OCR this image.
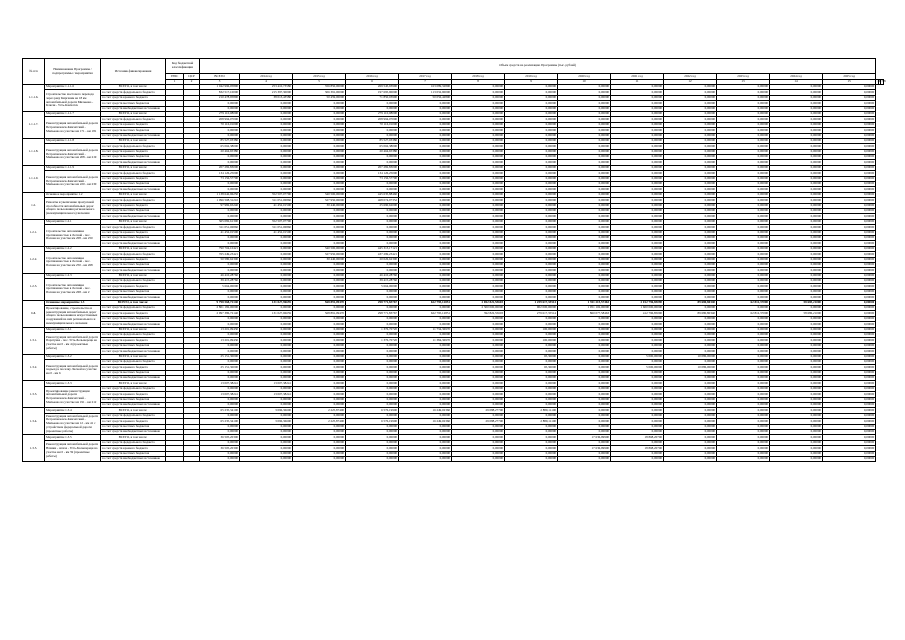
№ п/п	Наименование Программы / подпрограммы / мероприятия	Источник финансирования	Код бюджетной классификации		Объем средств на реализацию Программы (тыс. рублей)															
			ГРБС	ЦСР	ВСЕГО	2014 год	2015 год	2016 год	2017 год	2018 год	2019 год	2020 год	2021 год	2022 год	2023 год	2024 год	2025 год			
			1	2	3	4	5	6	7	8	9	10	11	12	13	14	15	16	17	18
1.1.1.6.	Мероприятие 1.1.1.6	ВСЕГО, в том числе:			1 042 996,05890	253 410,73580	356 850,00000	269 545,93990	163 089,32800	0,00000	0,00000	0,00000	0,00000	0,00000	0,00000	0,00000	0,00000			
	Строительство мостового перехода через реку Кирганик на 18 км автомобильной дороги Мильково - Ключи - Усть-Камчатск	за счет средств федерального бюджета			832 517,10000	215 397,30000	306 391,00000	197 695,90000	113 032,90000	0,00000	0,00000	0,00000	0,00000	0,00000	0,00000	0,00000	0,00000			
		за счет средств краевого бюджета			210 478,95890	38 013,43580	50 459,00000	71 850,03990	50 056,42800	0,00000	0,00000	0,00000	0,00000	0,00000	0,00000	0,00000	0,00000			
		за счет средств местных бюджетов			0,00000	0,00000	0,00000	0,00000	0,00000	0,00000	0,00000	0,00000	0,00000	0,00000	0,00000	0,00000	0,00000			
		за счет средств внебюджетных источников			0,00000	0,00000	0,00000	0,00000	0,00000	0,00000	0,00000	0,00000	0,00000	0,00000	0,00000	0,00000	0,00000			
1.1.1.7.	Мероприятие 1.1.1.7	ВСЕГО, в том числе:			279 110,08000	0,00000	0,00000	279 110,08000	0,00000	0,00000	0,00000	0,00000	0,00000	0,00000	0,00000	0,00000	0,00000			
	Реконструкция автомобильной дороги Петропавловск-Камчатский - Мильково на участке км 171 - км 181	за счет средств федерального бюджета			208 994,07000	0,00000	0,00000	208 994,07000	0,00000	0,00000	0,00000	0,00000	0,00000	0,00000	0,00000	0,00000	0,00000			
		за счет средств краевого бюджета			70 116,01000	0,00000	0,00000	70 116,01000	0,00000	0,00000	0,00000	0,00000	0,00000	0,00000	0,00000	0,00000	0,00000			
		за счет средств местных бюджетов			0,00000	0,00000	0,00000	0,00000	0,00000	0,00000	0,00000	0,00000	0,00000	0,00000	0,00000	0,00000	0,00000			
		за счет средств внебюджетных источников			0,00000	0,00000	0,00000	0,00000	0,00000	0,00000	0,00000	0,00000	0,00000	0,00000	0,00000	0,00000	0,00000			
1.1.1.8.	Мероприятие 1.1.1.8	ВСЕГО, в том числе:			85 527,03380	0,00000	0,00000	85 527,03380	0,00000	0,00000	0,00000	0,00000	0,00000	0,00000	0,00000	0,00000	0,00000			
	Реконструкция автомобильной дороги Петропавловск-Камчатский - Мильково на участке км 208 - км 219	за счет средств федерального бюджета			65 062,38000	0,00000	0,00000	65 062,38000	0,00000	0,00000	0,00000	0,00000	0,00000	0,00000	0,00000	0,00000	0,00000			
		за счет средств краевого бюджета			20 464,65380	0,00000	0,00000	20 464,65380	0,00000	0,00000	0,00000	0,00000	0,00000	0,00000	0,00000	0,00000	0,00000			
		за счет средств местных бюджетов			0,00000	0,00000	0,00000	0,00000	0,00000	0,00000	0,00000	0,00000	0,00000	0,00000	0,00000	0,00000	0,00000			
		за счет средств внебюджетных источников			0,00000	0,00000	0,00000	0,00000	0,00000	0,00000	0,00000	0,00000	0,00000	0,00000	0,00000	0,00000	0,00000			
1.1.1.9.	Мероприятие 1.1.1.9	ВСЕГО, в том числе:			207 282,83000	0,00000	0,00000	207 282,83000	0,00000	0,00000	0,00000	0,00000	0,00000	0,00000	0,00000	0,00000	0,00000			
	Реконструкция автомобильной дороги Петропавловск-Камчатский - Мильково на участке км 220 - км 230	за счет средств федерального бюджета			134 126,25000	0,00000	0,00000	134 126,25000	0,00000	0,00000	0,00000	0,00000	0,00000	0,00000	0,00000	0,00000	0,00000			
		за счет средств краевого бюджета			73 156,57700	0,00000	0,00000	73 156,57700	0,00000	0,00000	0,00000	0,00000	0,00000	0,00000	0,00000	0,00000	0,00000			
		за счет средств местных бюджетов			0,00000	0,00000	0,00000	0,00000	0,00000	0,00000	0,00000	0,00000	0,00000	0,00000	0,00000	0,00000	0,00000			
		за счет средств внебюджетных источников			0,00000	0,00000	0,00000	0,00000	0,00000	0,00000	0,00000	0,00000	0,00000	0,00000	0,00000	0,00000	0,00000			
1.2.	Основное мероприятие 1.2	ВСЕГО, в том числе:			1 138 642,96250	352 507,07790	340 500,00000	445 635,88460	0,00000	0,00000	0,00000	0,00000	0,00000	0,00000	0,00000	0,00000	0,00000			
	Ремонты и увеличение пропускной способности автомобильных дорог общего пользования регионального (межмуниципального) значения	за счет средств федерального бюджета			1 096 508,31210	311 051,06860	327 950,00000	468 074,97352	0,00000	0,00000	0,00000	0,00000	0,00000	0,00000	0,00000	0,00000	0,00000			
		за счет средств краевого бюджета			97 982,65240	41 452,01500	30 440,00000	25 690,62000	0,00000	0,00000	0,00000	0,00000	0,00000	0,00000	0,00000	0,00000	0,00000			
		за счет средств местных бюджетов			0,00000	0,00000	0,00000	0,00000	0,00000	0,00000	0,00000	0,00000	0,00000	0,00000	0,00000	0,00000	0,00000			
		за счет средств внебюджетных источников			0,00000	0,00000	0,00000	0,00000	0,00000	0,00000	0,00000	0,00000	0,00000	0,00000	0,00000	0,00000	0,00000			
1.2.1.	Мероприятие 1.2.1	ВСЕГО, в том числе:			365 082,61300	352 507,07790	0,00000	0,00000	0,00000	0,00000	0,00000	0,00000	0,00000	0,00000	0,00000	0,00000	0,00000			
	Строительство автозимника протяженностью в Лесной - пос. Палана на участке км 208 - км 250	за счет средств федерального бюджета			311 051,06860	311 051,06860	0,00000	0,00000	0,00000	0,00000	0,00000	0,00000	0,00000	0,00000	0,00000	0,00000	0,00000			
		за счет средств краевого бюджета			41 452,01500	41 452,01500	0,00000	0,00000	0,00000	0,00000	0,00000	0,00000	0,00000	0,00000	0,00000	0,00000	0,00000			
		за счет средств местных бюджетов			0,00000	0,00000	0,00000	0,00000	0,00000	0,00000	0,00000	0,00000	0,00000	0,00000	0,00000	0,00000	0,00000			
		за счет средств внебюджетных источников			0,00000	0,00000	0,00000	0,00000	0,00000	0,00000	0,00000	0,00000	0,00000	0,00000	0,00000	0,00000	0,00000			
1.2.2.	Мероприятие 1.2.2	ВСЕГО, в том числе:			790 704,10421	0,00000	340 500,00000	445 313,17121	0,00000	0,00000	0,00000	0,00000	0,00000	0,00000	0,00000	0,00000	0,00000			
	Строительство автозимника протяженностью в Лесной - пос. Палана на участке км 250 - км 268	за счет средств федерального бюджета			765 249,23421	0,00000	327 950,00000	437 299,23421	0,00000	0,00000	0,00000	0,00000	0,00000	0,00000	0,00000	0,00000	0,00000			
		за счет средств краевого бюджета			50 580,62300	0,00000	30 440,00000	20 026,62300	0,00000	0,00000	0,00000	0,00000	0,00000	0,00000	0,00000	0,00000	0,00000			
		за счет средств местных бюджетов			0,00000	0,00000	0,00000	0,00000	0,00000	0,00000	0,00000	0,00000	0,00000	0,00000	0,00000	0,00000	0,00000			
		за счет средств внебюджетных источников			0,00000	0,00000	0,00000	0,00000	0,00000	0,00000	0,00000	0,00000	0,00000	0,00000	0,00000	0,00000	0,00000			
1.2.3.	Мероприятие 1.2.3	ВСЕГО, в том числе:			46 410,28760	0,00000	0,00000	46 410,28760	0,00000	0,00000	0,00000	0,00000	0,00000	0,00000	0,00000	0,00000	0,00000			
	Строительство автозимника протяженностью в Лесной - пос. Палана на участке км 268 - км 2	за счет средств федерального бюджета			39 415,28760	0,00000	0,00000	39 415,28760	0,00000	0,00000	0,00000	0,00000	0,00000	0,00000	0,00000	0,00000	0,00000			
		за счет средств краевого бюджета			5 664,00000	0,00000	0,00000	5 664,00000	0,00000	0,00000	0,00000	0,00000	0,00000	0,00000	0,00000	0,00000	0,00000			
		за счет средств местных бюджетов			0,00000	0,00000	0,00000	0,00000	0,00000	0,00000	0,00000	0,00000	0,00000	0,00000	0,00000	0,00000	0,00000			
		за счет средств внебюджетных источников			0,00000	0,00000	0,00000	0,00000	0,00000	0,00000	0,00000	0,00000	0,00000	0,00000	0,00000	0,00000	0,00000			
1.3.	Основное мероприятие 1.3	ВСЕГО, в том числе:			9 798 568,72140	131 027,96659	568 891,09470	298 771,83767	622 795,12851	2 692 822,55603	1 259 617,35514	1 911 215,57463	2 012 796,85090	89 680,80340	62 812,37000	58 685,21000	0,00000			
	Проектирование, строительство и реконструкция автомобильных дорог общего пользования и искусственных сооружений на них регионального и межмуниципального значения	за счет средств федерального бюджета			2 801 182,00000	0,00000	0,00000	0,00000	0,00000	2 300 000,00000	902 000,00000	1 051 102,00000	1 600 000,00000	0,00000	0,00000	0,00000	0,00000			
		за счет средств краевого бюджета			2 997 386,72140	131 027,96659	568 891,09470	298 771,83767	622 795,12851	392 822,55603	279 617,35514	860 077,58463	412 796,85090	89 680,80340	62 812,37000	58 686,21000	0,00000			
		за счет средств местных бюджетов			0,00000	0,00000	0,00000	0,00000	0,00000	0,00000	0,00000	0,00000	0,00000	0,00000	0,00000	0,00000	0,00000			
		за счет средств внебюджетных источников			0,00000	0,00000	0,00000	0,00000	0,00000	0,00000	0,00000	0,00000	0,00000	0,00000	0,00000	0,00000	0,00000			
1.3.1.	Мероприятие 1.3.1	ВСЕГО, в том числе:			13 201,09430	0,00000	0,00000	1 376,70720	11 734,36970	0,00000	100,00000	0,00000	0,00000	0,00000	0,00000	0,00000	0,00000			
	Реконструкция автомобильной дороги Паратунка - пос. Усть-Большерецк на участке км 0 - км 4 (проектные работы)	за счет средств федерального бюджета			0,00000	0,00000	0,00000	0,00000	0,00000	0,00000	0,00000	0,00000	0,00000	0,00000	0,00000	0,00000	0,00000			
		за счет средств краевого бюджета			13 201,09430	0,00000	0,00000	1 376,70720	11 384,36970	0,00000	100,00000	0,00000	0,00000	0,00000	0,00000	0,00000	0,00000			
		за счет средств местных бюджетов			0,00000	0,00000	0,00000	0,00000	0,00000	0,00000	0,00000	0,00000	0,00000	0,00000	0,00000	0,00000	0,00000			
		за счет средств внебюджетных источников			0,00000	0,00000	0,00000	0,00000	0,00000	0,00000	0,00000	0,00000	0,00000	0,00000	0,00000	0,00000	0,00000			
1.3.2.	Мероприятие 1.3.2	ВСЕГО, в том числе:			25 151,30000	0,00000	0,00000	0,00000	0,00000	0,00000	65,30000	0,00000	5 000,00000	10 086,00000	0,00000	0,00000	0,00000			
	Реконструкция автомобильной дороги подъезд к поселку Лесной на участке км 0 - км 6	за счет средств федерального бюджета			0,00000	0,00000	0,00000	0,00000	0,00000	0,00000	0,00000	0,00000	0,00000	0,00000	0,00000	0,00000	0,00000			
		за счет средств краевого бюджета			25 151,30000	0,00000	0,00000	0,00000	0,00000	0,00000	65,30000	0,00000	5 000,00000	10 086,00000	0,00000	0,00000	0,00000			
		за счет средств местных бюджетов			0,00000	0,00000	0,00000	0,00000	0,00000	0,00000	0,00000	0,00000	0,00000	0,00000	0,00000	0,00000	0,00000			
		за счет средств внебюджетных источников			0,00000	0,00000	0,00000	0,00000	0,00000	0,00000	0,00000	0,00000	0,00000	0,00000	0,00000	0,00000	0,00000			
1.3.3.	Мероприятие 1.3.3	ВСЕГО, в том числе:			13 007,38241	13 007,38241	0,00000	0,00000	0,00000	0,00000	0,00000	0,00000	0,00000	0,00000	0,00000	0,00000	0,00000			
	Проектирование реконструкции автомобильной дороги Петропавловск-Камчатский - Мильково на участке км 191 - км 212	за счет средств федерального бюджета			0,00000	0,00000	0,00000	0,00000	0,00000	0,00000	0,00000	0,00000	0,00000	0,00000	0,00000	0,00000	0,00000			
		за счет средств краевого бюджета			13 007,38241	13 007,38241	0,00000	0,00000	0,00000	0,00000	0,00000	0,00000	0,00000	0,00000	0,00000	0,00000	0,00000			
		за счет средств местных бюджетов			0,00000	0,00000	0,00000	0,00000	0,00000	0,00000	0,00000	0,00000	0,00000	0,00000	0,00000	0,00000	0,00000			
		за счет средств внебюджетных источников			0,00000	0,00000	0,00000	0,00000	0,00000	0,00000	0,00000	0,00000	0,00000	0,00000	0,00000	0,00000	0,00000			
1.3.4.	Мероприятие 1.3.4	ВСЕГО, в том числе:			65 235,34100	3 096,36600	2 225,87400	6 576,19900	16 249,02360	29 088,27700	2 889,11100	0,00000	0,00000	0,00000	0,00000	0,00000	0,00000			
	Реконструкция автомобильной дороги Петропавловск-Камчатский - Мильково на участке км 12 - км 41 с устройством федеральной дороги (проектные работы)	за счет средств федерального бюджета			0,00000	0,00000	0,00000	0,00000	0,00000	0,00000	0,00000	0,00000	0,00000	0,00000	0,00000	0,00000	0,00000			
		за счет средств краевого бюджета			65 235,34100	3 096,36600	2 225,87400	6 576,19900	16 249,02360	29 088,27700	2 889,11100	0,00000	0,00000	0,00000	0,00000	0,00000	0,00000			
		за счет средств местных бюджетов			0,00000	0,00000	0,00000	0,00000	0,00000	0,00000	0,00000	0,00000	0,00000	0,00000	0,00000	0,00000	0,00000			
		за счет средств внебюджетных источников			0,00000	0,00000	0,00000	0,00000	0,00000	0,00000	0,00000	0,00000	0,00000	0,00000	0,00000	0,00000	0,00000			
1.3.5.	Мероприятие 1.3.5	ВСЕГО, в том числе:			36 505,20300	0,00000	0,00000	0,00000	0,00000	0,00000	0,00000	17 636,99900	18 868,20700	0,00000	0,00000	0,00000	0,00000			
	Реконструкция автомобильной дороги Начики - Апача - Усть-Большерецк на участке км 0 - км 59 (проектные работы)	за счет средств федерального бюджета			0,00000	0,00000	0,00000	0,00000	0,00000	0,00000	0,00000	0,00000	0,00000	0,00000	0,00000	0,00000	0,00000			
		за счет средств краевого бюджета			36 505,20300	0,00000	0,00000	0,00000	0,00000	0,00000	0,00000	17 636,99900	18 868,20700	0,00000	0,00000	0,00000	0,00000			
		за счет средств местных бюджетов			0,00000	0,00000	0,00000	0,00000	0,00000	0,00000	0,00000	0,00000	0,00000	0,00000	0,00000	0,00000	0,00000			
		за счет средств внебюджетных источников			0,00000	0,00000	0,00000	0,00000	0,00000	0,00000	0,00000	0,00000	0,00000	0,00000	0,00000	0,00000	0,00000			
